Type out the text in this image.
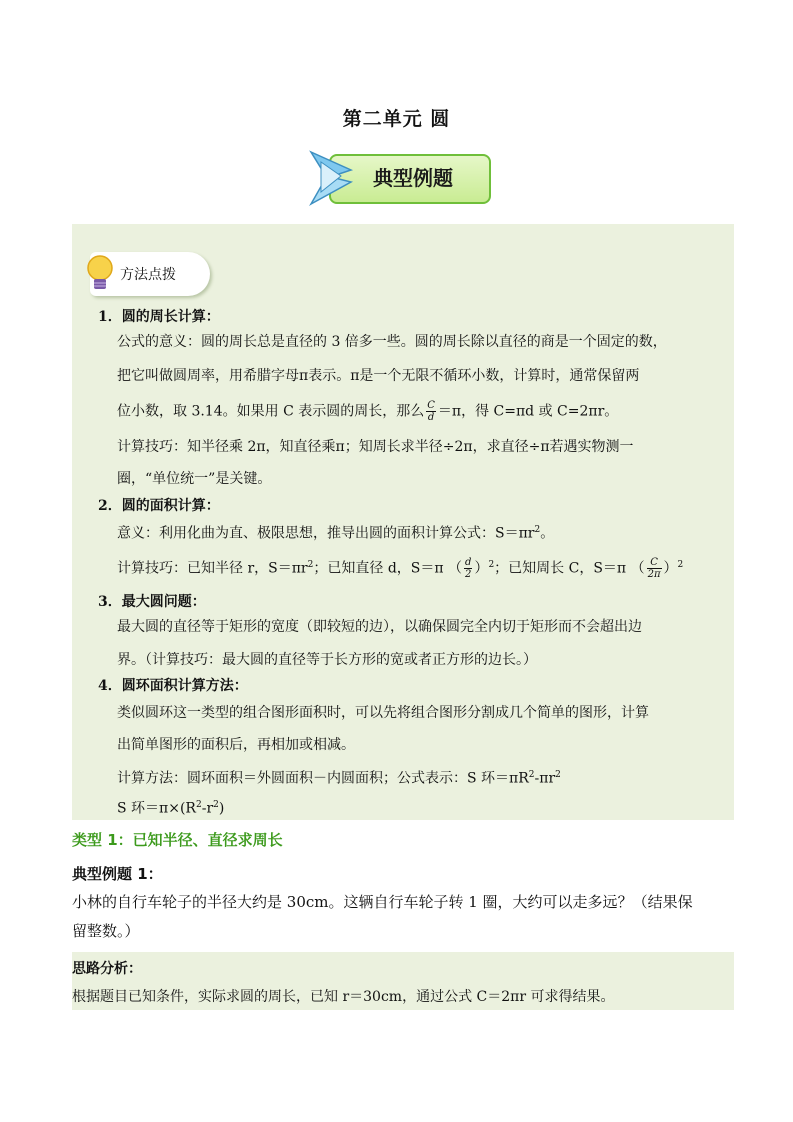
第二单元 圆
典型例题
方法点拨
1．圆的周长计算：
公式的意义：圆的周长总是直径的 3 倍多一些。圆的周长除以直径的商是一个固定的数，
把它叫做圆周率，用希腊字母π表示。π是一个无限不循环小数，计算时，通常保留两
位小数，取 3.14。如果用 C 表示圆的周长，那么 $\frac{C}{d} =\pi$，得 C=πd 或 C=2πr。
计算技巧：知半径乘 2π，知直径乘π；知周长求半径÷2π，求直径÷π若遇实物测一
圈，“单位统一”是关键。
2．圆的面积计算：
意义：利用化曲为直、极限思想，推导出圆的面积计算公式：$S=\pi r^2$。
计算技巧：已知半径 r，$S=\pi r^2$；已知直径 d，S＝π （ $\frac{d}{2} )^2$；已知周长 C，S＝π （ $\frac{C}{2\pi} )^2$
3．最大圆问题：
最大圆的直径等于矩形的宽度（即较短的边），以确保圆完全内切于矩形而不会超出边
界。（计算技巧：最大圆的直径等于长方形的宽或者正方形的边长。）
4．圆环面积计算方法：
类似圆环这一类型的组合图形面积时，可以先将组合图形分割成几个简单的图形，计算
出简单图形的面积后，再相加或相减。
计算方法：圆环面积＝外圆面积－内圆面积；公式表示：S 环$=\pi R^2-\pi r^2$
S 环$=\pi\times(R^2-r^2)$
类型 1：已知半径、直径求周长
典型例题 1：
小林的自行车轮子的半径大约是 30cm。这辆自行车轮子转 1 圈，大约可以走多远？（结果保
留整数。）
思路分析：
根据题目已知条件，实际求圆的周长，已知 r＝30cm，通过公式 C＝2πr 可求得结果。
